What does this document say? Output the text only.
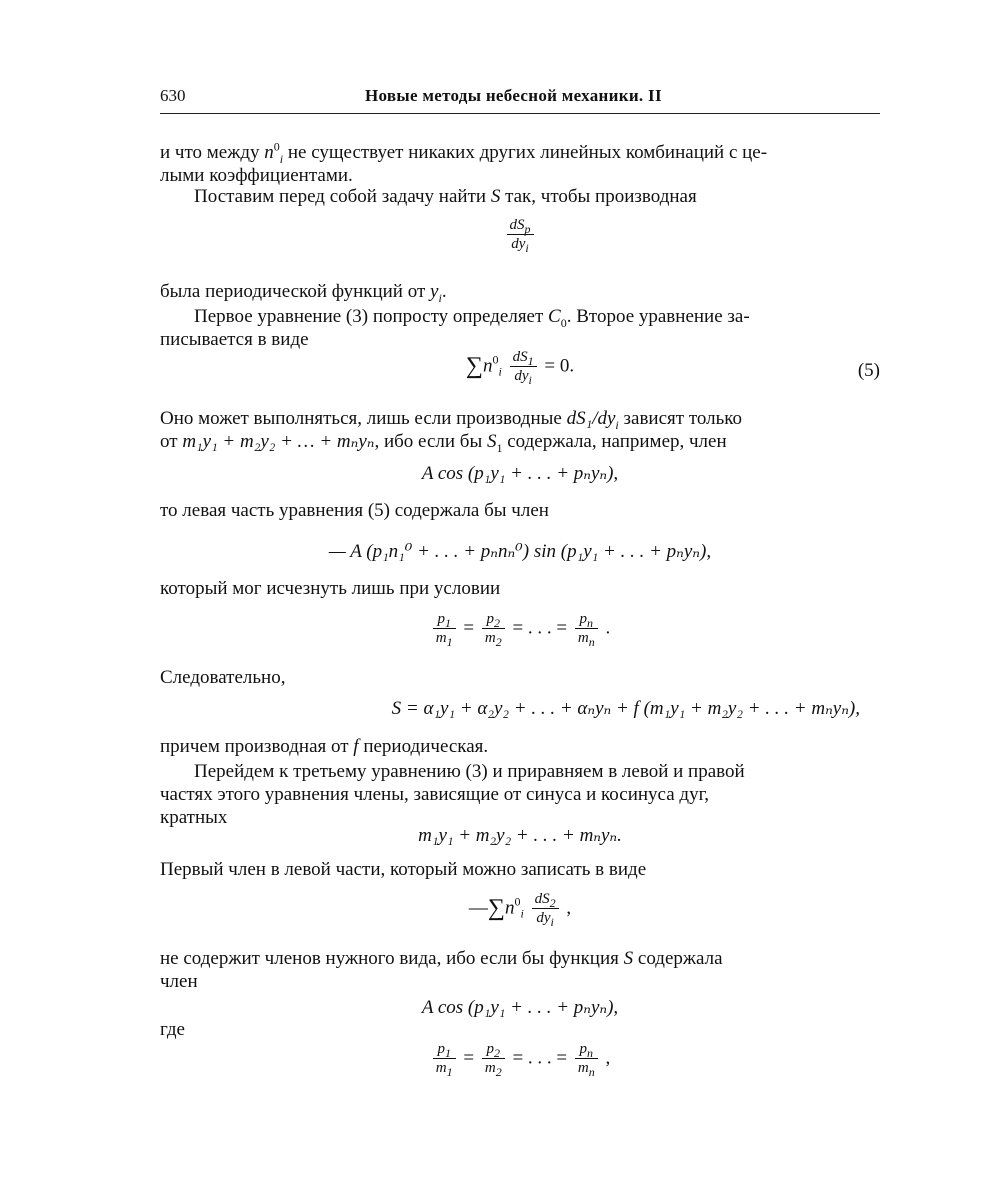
630	Новые методы небесной механики. II
и что между $n^0_i$ не существует никаких других линейных комбинаций с це-
лыми коэффициентами.
Поставим перед собой задачу найти S так, чтобы производная
$\frac{dS_p}{dy_i}$
была периодической функций от $y_i$.
Первое уравнение (3) попросту определяет $C_0$. Второе уравнение за-
писывается в виде
$\sum n^0_i \frac{dS_1}{dy_i} = 0$.	(5)
Оно может выполняться, лишь если производные dS₁/$dy_i$ зависят только
от m₁y₁ + m₂y₂ + … + mₙyₙ, ибо если бы $S_1$ содержала, например, член
A cos (p₁y₁ + . . . + pₙyₙ),
то левая часть уравнения (5) содержала бы член
— A (p₁n₁⁰ + . . . + pₙnₙ⁰) sin (p₁y₁ + . . . + pₙyₙ),
который мог исчезнуть лишь при условии
$\frac{p_1}{m_1} = \frac{p_2}{m_2}$ = . . . = $\frac{p_n}{m_n}$ .
Следовательно,
S = α₁y₁ + α₂y₂ + . . . + αₙyₙ + f (m₁y₁ + m₂y₂ + . . . + mₙyₙ),
причем производная от f периодическая.
Перейдем к третьему уравнению (3) и приравняем в левой и правой
частях этого уравнения члены, зависящие от синуса и косинуса дуг,
кратных
m₁y₁ + m₂y₂ + . . . + mₙyₙ.
Первый член в левой части, который можно записать в виде
$—\sum n^0_i \frac{dS_2}{dy_i}$ ,
не содержит членов нужного вида, ибо если бы функция S содержала
член
A cos (p₁y₁ + . . . + pₙyₙ),
где
$\frac{p_1}{m_1} = \frac{p_2}{m_2}$ = . . . = $\frac{p_n}{m_n}$ ,
